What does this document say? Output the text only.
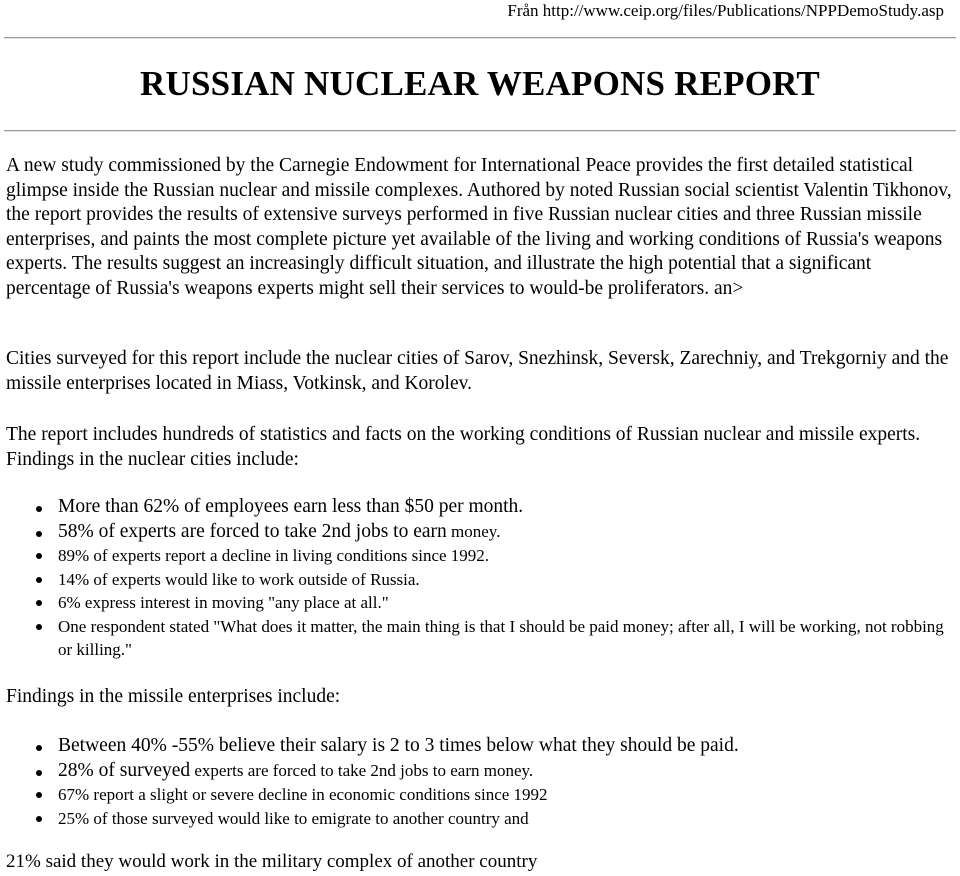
Från http://www.ceip.org/files/Publications/NPPDemoStudy.asp
RUSSIAN NUCLEAR WEAPONS REPORT

A new study commissioned by the Carnegie Endowment for International Peace provides the first detailed statistical glimpse inside the Russian nuclear and missile complexes. Authored by noted Russian social scientist Valentin Tikhonov, the report provides the results of extensive surveys performed in five Russian nuclear cities and three Russian missile enterprises, and paints the most complete picture yet available of the living and working conditions of Russia's weapons experts. The results suggest an increasingly difficult situation, and illustrate the high potential that a significant percentage of Russia's weapons experts might sell their services to would-be proliferators. an>

Cities surveyed for this report include the nuclear cities of Sarov, Snezhinsk, Seversk, Zarechniy, and Trekgorniy and the missile enterprises located in Miass, Votkinsk, and Korolev.

The report includes hundreds of statistics and facts on the working conditions of Russian nuclear and missile experts. Findings in the nuclear cities include:

More than 62% of employees earn less than $50 per month.
58% of experts are forced to take 2nd jobs to earn money.
89% of experts report a decline in living conditions since 1992.
14% of experts would like to work outside of Russia.
6% express interest in moving "any place at all."
One respondent stated "What does it matter, the main thing is that I should be paid money; after all, I will be working, not robbing or killing."

Findings in the missile enterprises include:

Between 40% -55% believe their salary is 2 to 3 times below what they should be paid.
28% of surveyed experts are forced to take 2nd jobs to earn money.
67% report a slight or severe decline in economic conditions since 1992
25% of those surveyed would like to emigrate to another country and

21% said they would work in the military complex of another country
